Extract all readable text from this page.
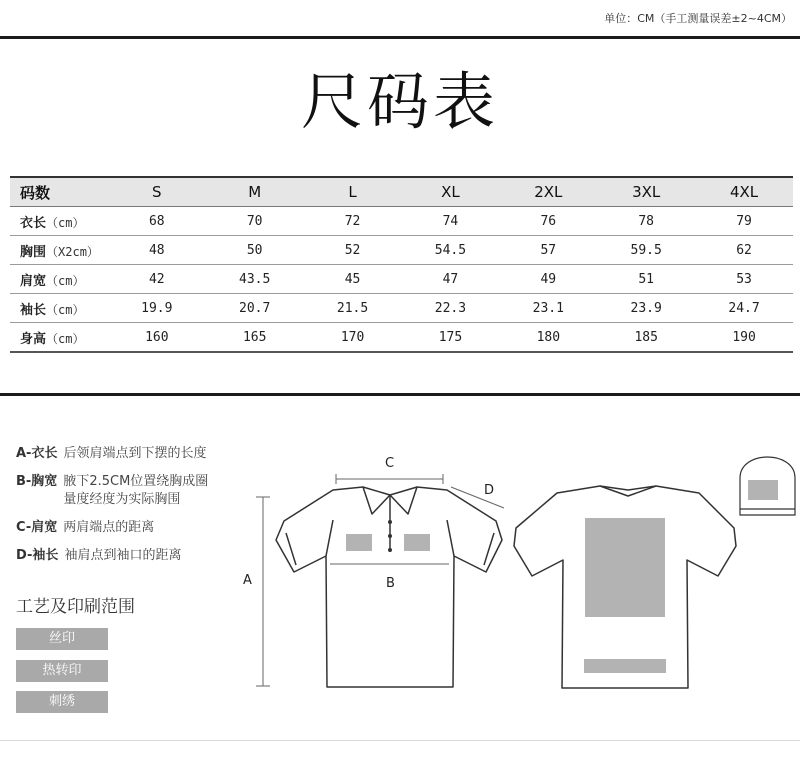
单位：CM（手工测量误差±2~4CM）
尺码表
码数	S	M	L	XL	2XL	3XL	4XL
衣长（cm）	68	70	72	74	76	78	79
胸围（X2cm）	48	50	52	54.5	57	59.5	62
肩宽（cm）	42	43.5	45	47	49	51	53
袖长（cm）	19.9	20.7	21.5	22.3	23.1	23.9	24.7
身高（cm）	160	165	170	175	180	185	190
A-衣长 后领肩端点到下摆的长度
B-胸宽 腋下2.5CM位置绕胸成圈
量度经度为实际胸围
C-肩宽 两肩端点的距离
D-袖长 袖肩点到袖口的距离
工艺及印刷范围
丝印
热转印
刺绣
A	B
C
D
